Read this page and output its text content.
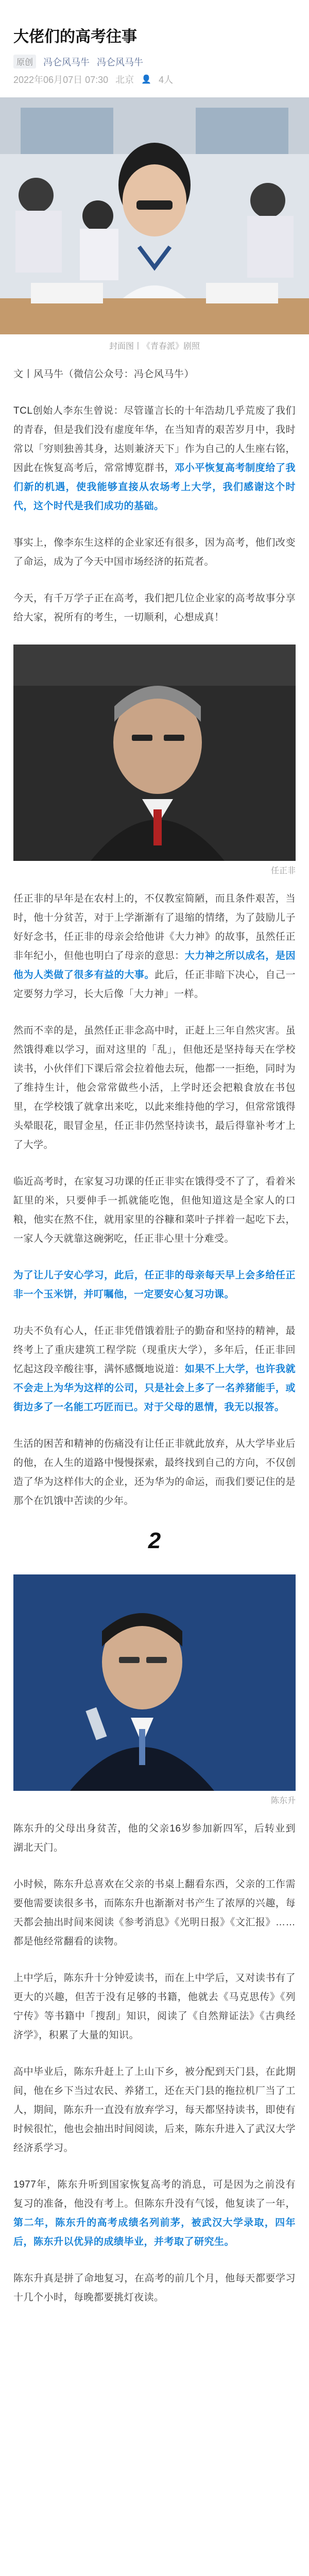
大佬们的高考往事
原创	冯仑风马牛 冯仑风马牛
2022年06月07日 07:30 北京 👤 4人
封面图丨《青春派》剧照

文丨风马牛（微信公众号：冯仑风马牛）

TCL创始人李东生曾说：尽管谨言长的十年浩劫几乎荒废了我们的青春，但是我们没有虚度年华，在当知青的艰苦岁月中，我时常以「穷则独善其身，达则兼济天下」作为自己的人生座右铭，因此在恢复高考后，常常博览群书，邓小平恢复高考制度给了我们新的机遇，使我能够直接从农场考上大学，我们感谢这个时代，这个时代是我们成功的基础。

事实上，像李东生这样的企业家还有很多，因为高考，他们改变了命运，成为了今天中国市场经济的拓荒者。

今天，有千万学子正在高考，我们把几位企业家的高考故事分享给大家，祝所有的考生，一切顺利，心想成真！

任正非

任正非的早年是在农村上的，不仅教室简陋，而且条件艰苦，当时，他十分贫苦，对于上学渐渐有了退缩的情绪，为了鼓励儿子好好念书，任正非的母亲会给他讲《大力神》的故事，虽然任正非年纪小，但他也明白了母亲的意思：大力神之所以成名，是因他为人类做了很多有益的大事。此后，任正非暗下决心，自己一定要努力学习，长大后像「大力神」一样。

然而不幸的是，虽然任正非念高中时，正赶上三年自然灾害。虽然饿得难以学习，面对这里的「乱」，但他还是坚持每天在学校读书，小伙伴们下课后常会拉着他去玩，他都一一拒绝，同时为了维持生计，他会常常做些小活，上学时还会把粮食放在书包里，在学校饿了就拿出来吃，以此来维持他的学习，但常常饿得头晕眼花，眼冒金星，任正非仍然坚持读书，最后得靠补考才上了大学。

临近高考时，在家复习功课的任正非实在饿得受不了了，看着米缸里的米，只要伸手一抓就能吃饱，但他知道这是全家人的口粮，他实在熬不住，就用家里的谷糠和菜叶子拌着一起吃下去，一家人今天就靠这碗粥吃，任正非心里十分难受。

为了让儿子安心学习，此后，任正非的母亲每天早上会多给任正非一个玉米饼，并叮嘱他，一定要安心复习功课。

功夫不负有心人，任正非凭借饿着肚子的勤奋和坚持的精神，最终考上了重庆建筑工程学院（现重庆大学），多年后，任正非回忆起这段辛酸往事，满怀感慨地说道：如果不上大学，也许我就不会走上为华为这样的公司，只是社会上多了一名养猪能手，或街边多了一名能工巧匠而已。对于父母的恩情，我无以报答。

生活的困苦和精神的伤痛没有让任正非就此放弃，从大学毕业后的他，在人生的道路中慢慢探索，最终找到自己的方向，不仅创造了华为这样伟大的企业，还为华为的命运，而我们要记住的是那个在饥饿中苦读的少年。

2
陈东升

陈东升的父母出身贫苦，他的父亲16岁参加新四军，后转业到湖北天门。

小时候，陈东升总喜欢在父亲的书桌上翻看东西，父亲的工作需要他需要读很多书，而陈东升也渐渐对书产生了浓厚的兴趣，每天都会抽出时间来阅读《参考消息》《光明日报》《文汇报》……都是他经常翻看的读物。

上中学后，陈东升十分钟爱读书，而在上中学后，又对读书有了更大的兴趣，但苦于没有足够的书籍，他就去《马克思传》《列宁传》等书籍中「搜刮」知识，阅读了《自然辩证法》《古典经济学》，积累了大量的知识。

高中毕业后，陈东升赶上了上山下乡，被分配到天门县，在此期间，他在乡下当过农民、养猪工，还在天门县的拖拉机厂当了工人，期间，陈东升一直没有放弃学习，每天都坚持读书，即使有时候很忙，他也会抽出时间阅读，后来，陈东升进入了武汉大学经济系学习。

1977年，陈东升听到国家恢复高考的消息，可是因为之前没有复习的准备，他没有考上。但陈东升没有气馁，他复读了一年，第二年，陈东升的高考成绩名列前茅，被武汉大学录取，四年后，陈东升以优异的成绩毕业，并考取了研究生。

陈东升真是拼了命地复习，在高考的前几个月，他每天都要学习十几个小时，每晚都要挑灯夜读。
